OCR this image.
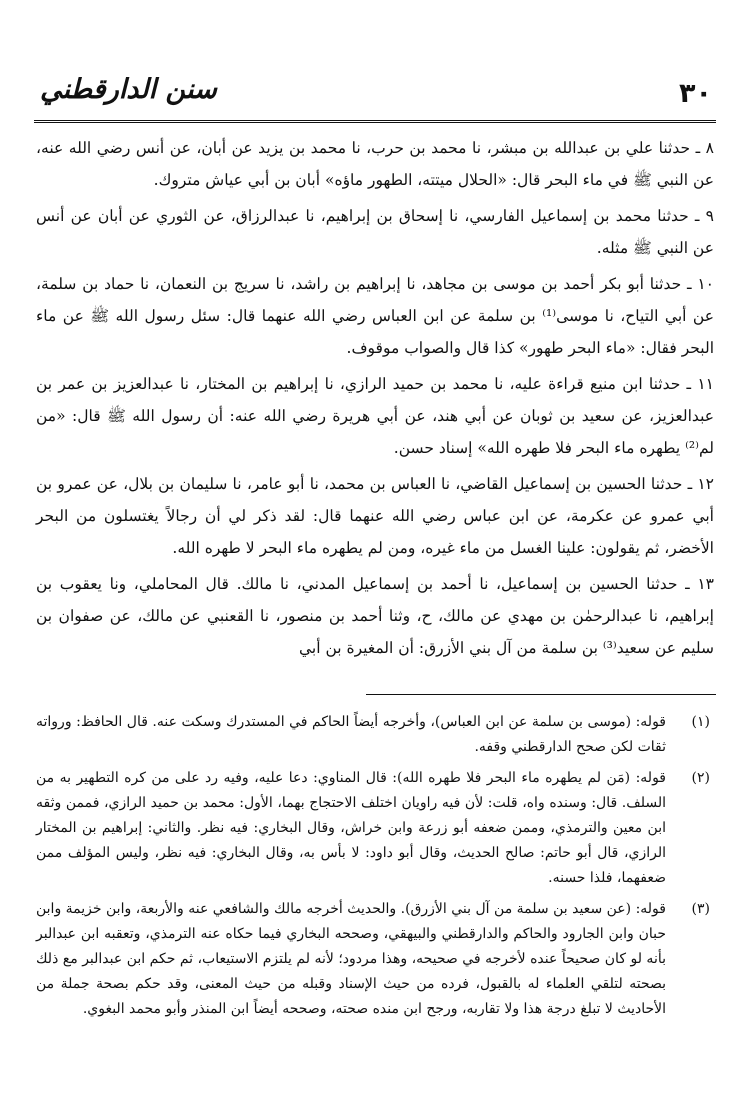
سنن الدارقطني	٣٠

٨ ـ حدثنا علي بن عبدالله بن مبشر، نا محمد بن حرب، نا محمد بن يزيد عن أبان، عن أنس رضي الله عنه، عن النبي ﷺ في ماء البحر قال: «الحلال ميتته، الطهور ماؤه» أبان بن أبي عياش متروك.

٩ ـ حدثنا محمد بن إسماعيل الفارسي، نا إسحاق بن إبراهيم، نا عبدالرزاق، عن الثوري عن أبان عن أنس عن النبي ﷺ مثله.

١٠ ـ حدثنا أبو بكر أحمد بن موسى بن مجاهد، نا إبراهيم بن راشد، نا سريج بن النعمان، نا حماد بن سلمة، عن أبي التياح، نا موسى⁽¹⁾ بن سلمة عن ابن العباس رضي الله عنهما قال: سئل رسول الله ﷺ عن ماء البحر فقال: «ماء البحر طهور» كذا قال والصواب موقوف.

١١ ـ حدثنا ابن منيع قراءة عليه، نا محمد بن حميد الرازي، نا إبراهيم بن المختار، نا عبدالعزيز بن عمر بن عبدالعزيز، عن سعيد بن ثوبان عن أبي هند، عن أبي هريرة رضي الله عنه: أن رسول الله ﷺ قال: «من لم⁽²⁾ يطهره ماء البحر فلا طهره الله» إسناد حسن.

١٢ ـ حدثنا الحسين بن إسماعيل القاضي، نا العباس بن محمد، نا أبو عامر، نا سليمان بن بلال، عن عمرو بن أبي عمرو عن عكرمة، عن ابن عباس رضي الله عنهما قال: لقد ذكر لي أن رجالاً يغتسلون من البحر الأخضر، ثم يقولون: علينا الغسل من ماء غيره، ومن لم يطهره ماء البحر لا طهره الله.

١٣ ـ حدثنا الحسين بن إسماعيل، نا أحمد بن إسماعيل المدني، نا مالك. قال المحاملي، ونا يعقوب بن إبراهيم، نا عبدالرحمٰن بن مهدي عن مالك، ح، وثنا أحمد بن منصور، نا القعنبي عن مالك، عن صفوان بن سليم عن سعيد⁽³⁾ بن سلمة من آل بني الأزرق: أن المغيرة بن أبي

(١)
قوله: (موسى بن سلمة عن ابن العباس)، وأخرجه أيضاً الحاكم في المستدرك وسكت عنه. قال الحافظ: ورواته ثقات لكن صحح الدارقطني وقفه.
(٢)
قوله: (مَن لم يطهره ماء البحر فلا طهره الله): قال المناوي: دعا عليه، وفيه رد على من كره التطهير به من السلف. قال: وسنده واه، قلت: لأن فيه راويان اختلف الاحتجاج بهما، الأول: محمد بن حميد الرازي، فممن وثقه ابن معين والترمذي، وممن ضعفه أبو زرعة وابن خراش، وقال البخاري: فيه نظر. والثاني: إبراهيم بن المختار الرازي، قال أبو حاتم: صالح الحديث، وقال أبو داود: لا بأس به، وقال البخاري: فيه نظر، وليس المؤلف ممن ضعفهما، فلذا حسنه.
(٣)
قوله: (عن سعيد بن سلمة من آل بني الأزرق). والحديث أخرجه مالك والشافعي عنه والأربعة، وابن خزيمة وابن حبان وابن الجارود والحاكم والدارقطني والبيهقي، وصححه البخاري فيما حكاه عنه الترمذي، وتعقبه ابن عبدالبر بأنه لو كان صحيحاً عنده لأخرجه في صحيحه، وهذا مردود؛ لأنه لم يلتزم الاستيعاب، ثم حكم ابن عبدالبر مع ذلك بصحته لتلقي العلماء له بالقبول، فرده من حيث الإسناد وقبله من حيث المعنى، وقد حكم بصحة جملة من الأحاديث لا تبلغ درجة هذا ولا تقاربه، ورجح ابن منده صحته، وصححه أيضاً ابن المنذر وأبو محمد البغوي.
